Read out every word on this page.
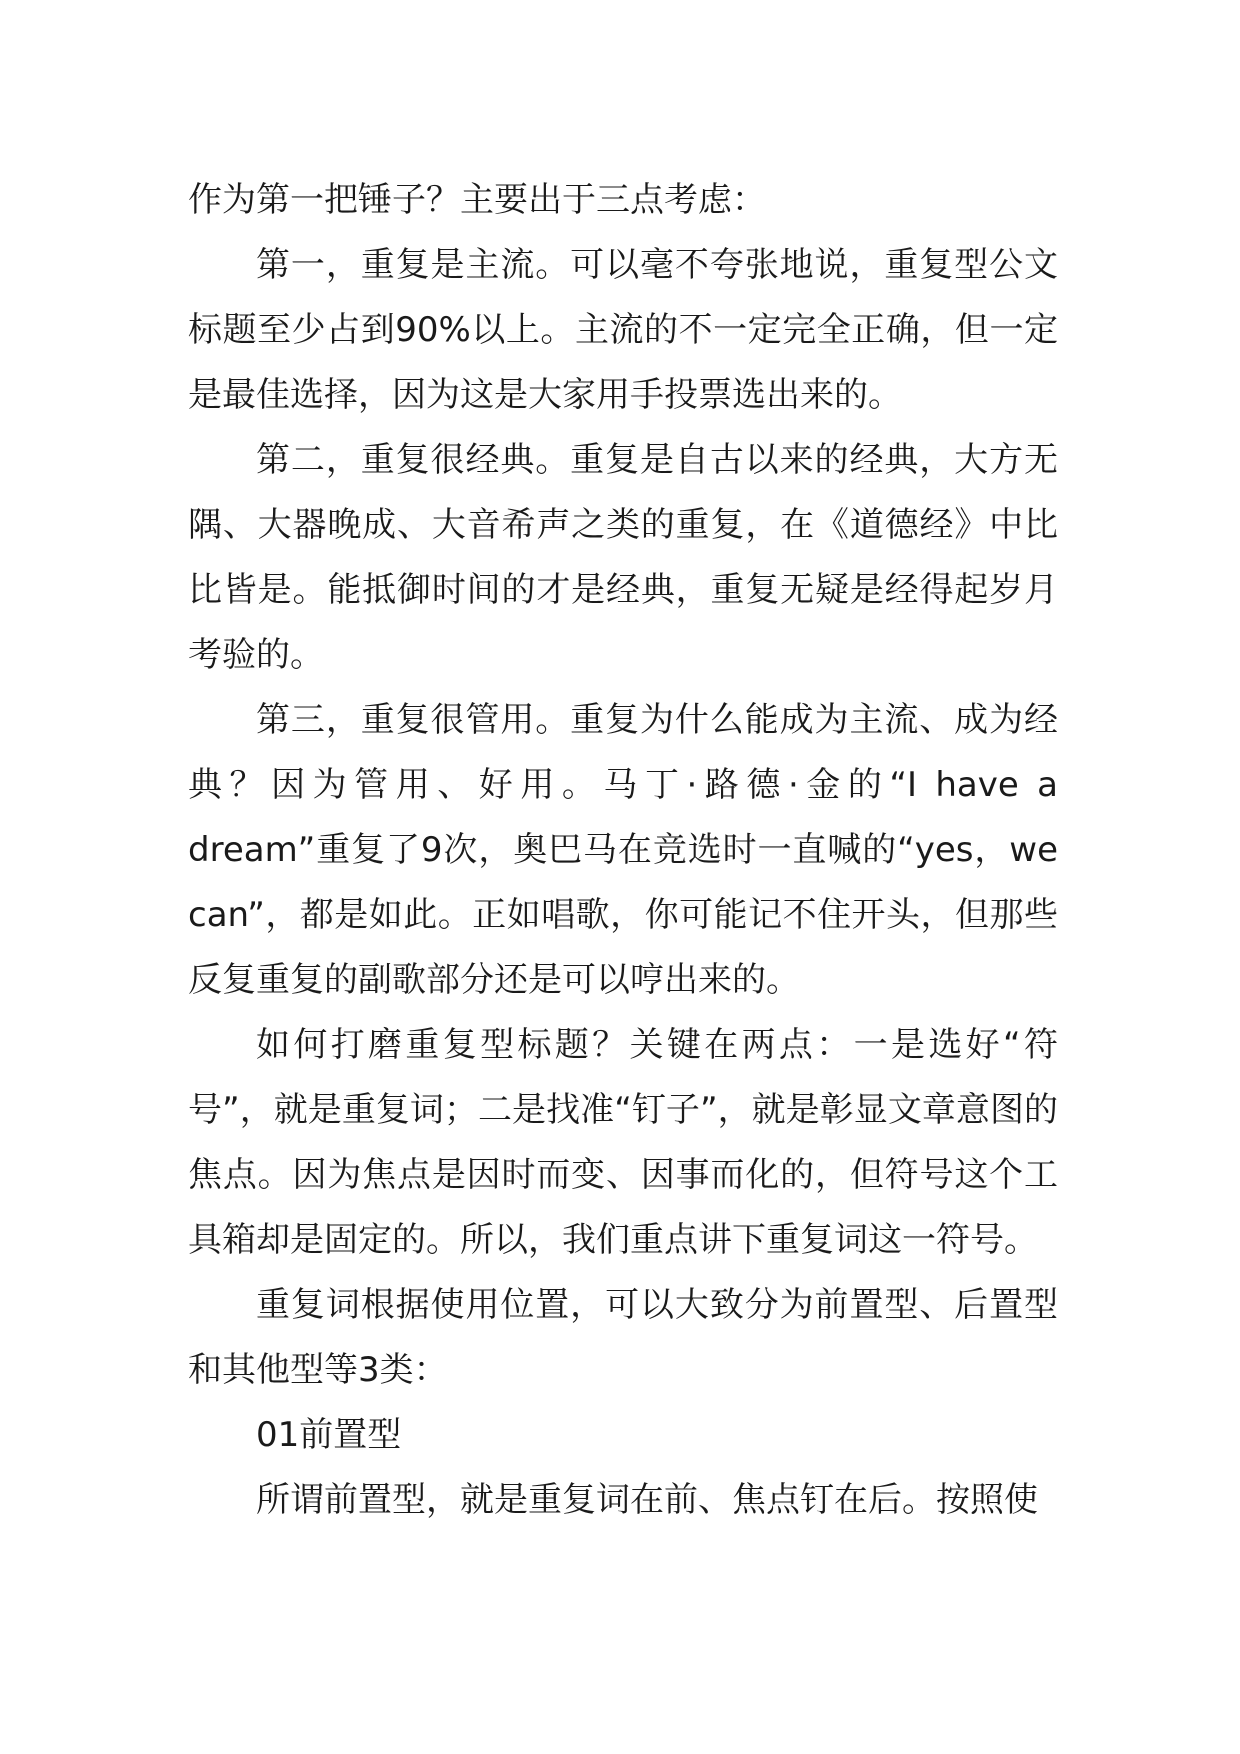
作为第一把锤子？主要出于三点考虑：

第一，重复是主流。可以毫不夸张地说，重复型公文标题至少占到90%以上。主流的不一定完全正确，但一定是最佳选择，因为这是大家用手投票选出来的。

第二，重复很经典。重复是自古以来的经典，大方无隅、大器晚成、大音希声之类的重复，在《道德经》中比比皆是。能抵御时间的才是经典，重复无疑是经得起岁月考验的。

第三，重复很管用。重复为什么能成为主流、成为经典？因为管用、好用。马丁·路德·金的“I have a dream”重复了9次，奥巴马在竞选时一直喊的“yes，we can”，都是如此。正如唱歌，你可能记不住开头，但那些反复重复的副歌部分还是可以哼出来的。

如何打磨重复型标题？关键在两点：一是选好“符号”，就是重复词；二是找准“钉子”，就是彰显文章意图的焦点。因为焦点是因时而变、因事而化的，但符号这个工具箱却是固定的。所以，我们重点讲下重复词这一符号。

重复词根据使用位置，可以大致分为前置型、后置型和其他型等3类：

01前置型

所谓前置型，就是重复词在前、焦点钉在后。按照使
